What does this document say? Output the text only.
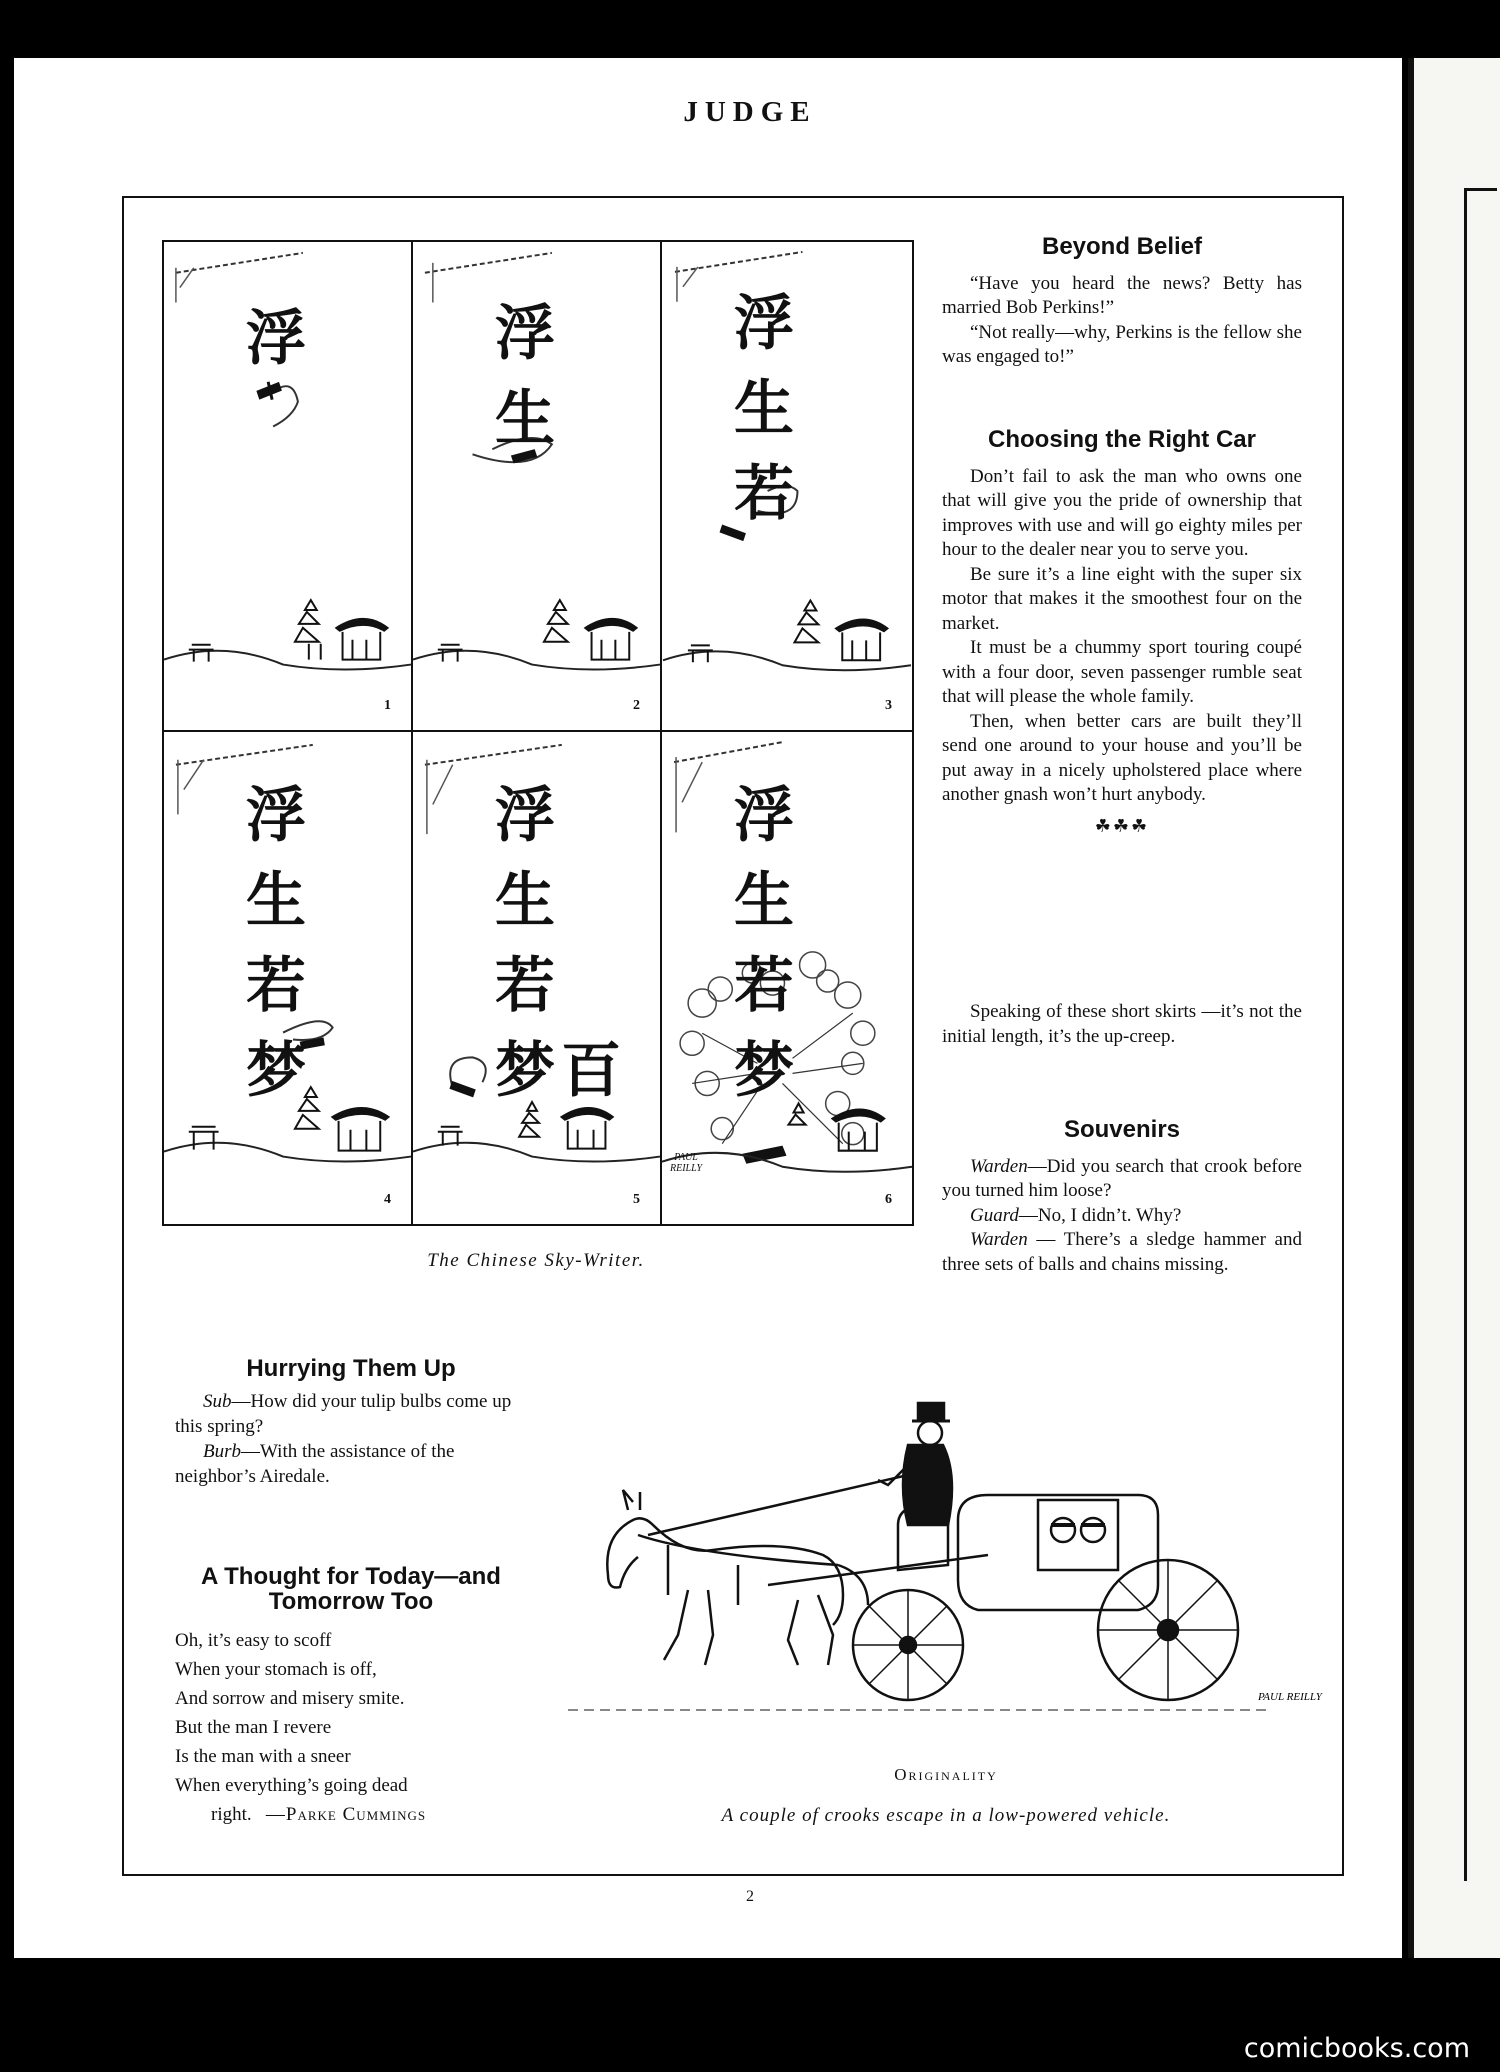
JUDGE
浮
1
浮
生
2
浮
生
若
3
浮
生
若
梦
4
浮
生
若
梦 百
5
浮
生
若
梦
PAUL REILLY
6
The Chinese Sky-Writer.
Beyond Belief

“Have you heard the news? Betty has married Bob Perkins!”

“Not really—why, Perkins is the fellow she was engaged to!”

Choosing the Right Car

Don’t fail to ask the man who owns one that will give you the pride of ownership that improves with use and will go eighty miles per hour to the dealer near you to serve you.

Be sure it’s a line eight with the super six motor that makes it the smoothest four on the market.

It must be a chummy sport touring coupé with a four door, seven passenger rumble seat that will please the whole family.

Then, when better cars are built they’ll send one around to your house and you’ll be put away in a nicely upholstered place where another gnash won’t hurt anybody.

☘☘☘

Speaking of these short skirts —it’s not the initial length, it’s the up-creep.

Souvenirs

Warden—Did you search that crook before you turned him loose?

Guard—No, I didn’t. Why?

Warden — There’s a sledge hammer and three sets of balls and chains missing.

Hurrying Them Up

Sub—How did your tulip bulbs come up this spring?

Burb—With the assistance of the neighbor’s Airedale.

A Thought for Today—and Tomorrow Too
Oh, it’s easy to scoff
When your stomach is off,
And sorrow and misery smite.
But the man I revere
Is the man with a sneer
When everything’s going dead
right. —Parke Cummings
PAUL REILLY
Originality
A couple of crooks escape in a low-powered vehicle.
2
comicbooks.com
